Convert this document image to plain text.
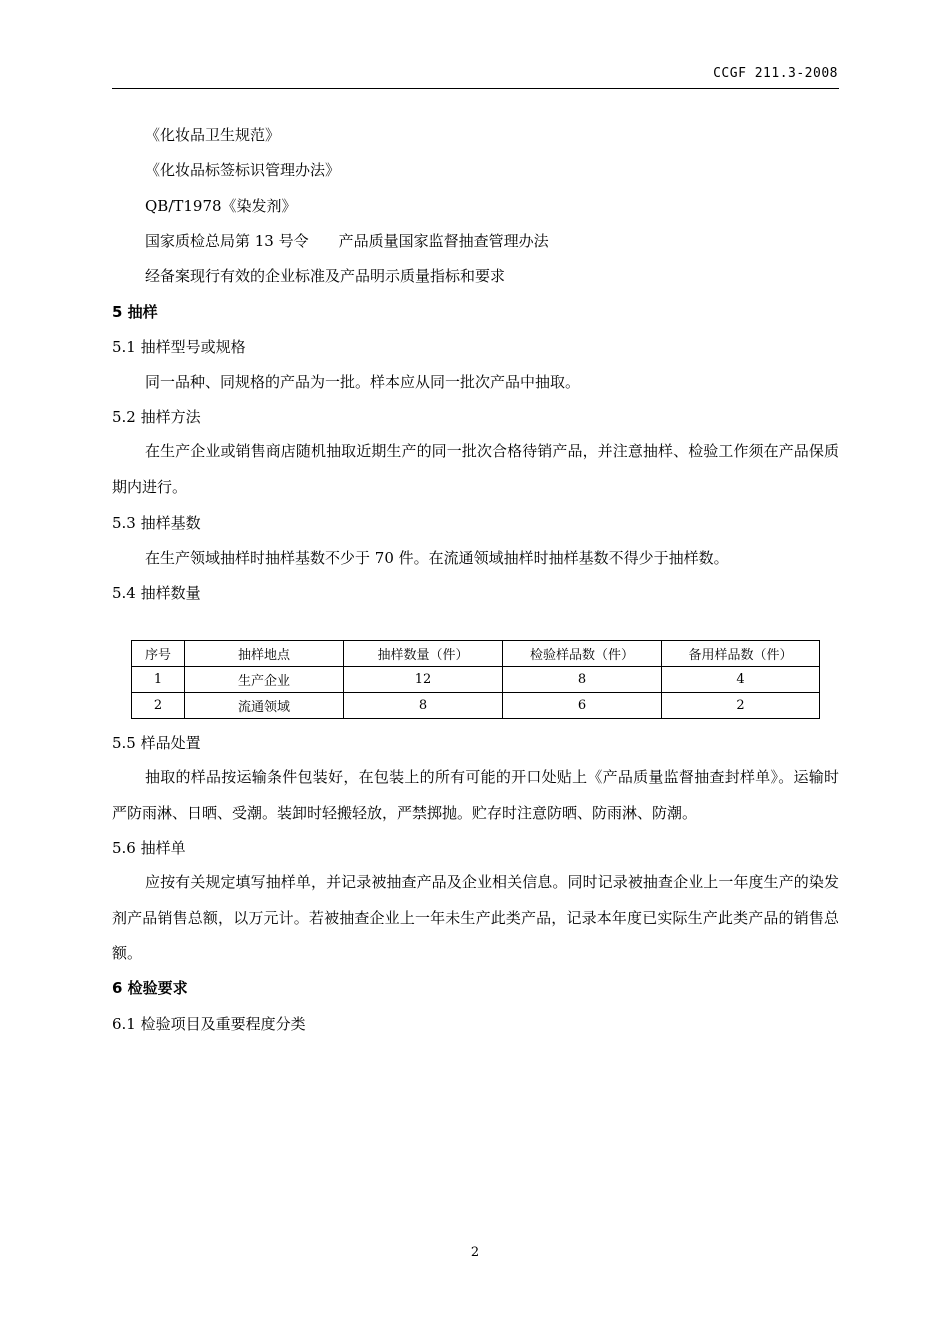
CCGF 211.3-2008
《化妆品卫生规范》
《化妆品标签标识管理办法》
QB/T1978《染发剂》
国家质检总局第 13 号令　　产品质量国家监督抽查管理办法
经备案现行有效的企业标准及产品明示质量指标和要求
5 抽样
5.1 抽样型号或规格
同一品种、同规格的产品为一批。样本应从同一批次产品中抽取。
5.2 抽样方法
在生产企业或销售商店随机抽取近期生产的同一批次合格待销产品，并注意抽样、检验工作须在产品保质期内进行。
5.3 抽样基数
在生产领域抽样时抽样基数不少于 70 件。在流通领域抽样时抽样基数不得少于抽样数。
5.4 抽样数量
序号	抽样地点	抽样数量（件）	检验样品数（件）	备用样品数（件）
1	生产企业	12	8	4
2	流通领域	8	6	2
5.5 样品处置
抽取的样品按运输条件包装好，在包装上的所有可能的开口处贴上《产品质量监督抽查封样单》。运输时严防雨淋、日晒、受潮。装卸时轻搬轻放，严禁掷抛。贮存时注意防晒、防雨淋、防潮。
5.6 抽样单
应按有关规定填写抽样单，并记录被抽查产品及企业相关信息。同时记录被抽查企业上一年度生产的染发剂产品销售总额，以万元计。若被抽查企业上一年未生产此类产品，记录本年度已实际生产此类产品的销售总额。
6 检验要求
6.1 检验项目及重要程度分类
2
